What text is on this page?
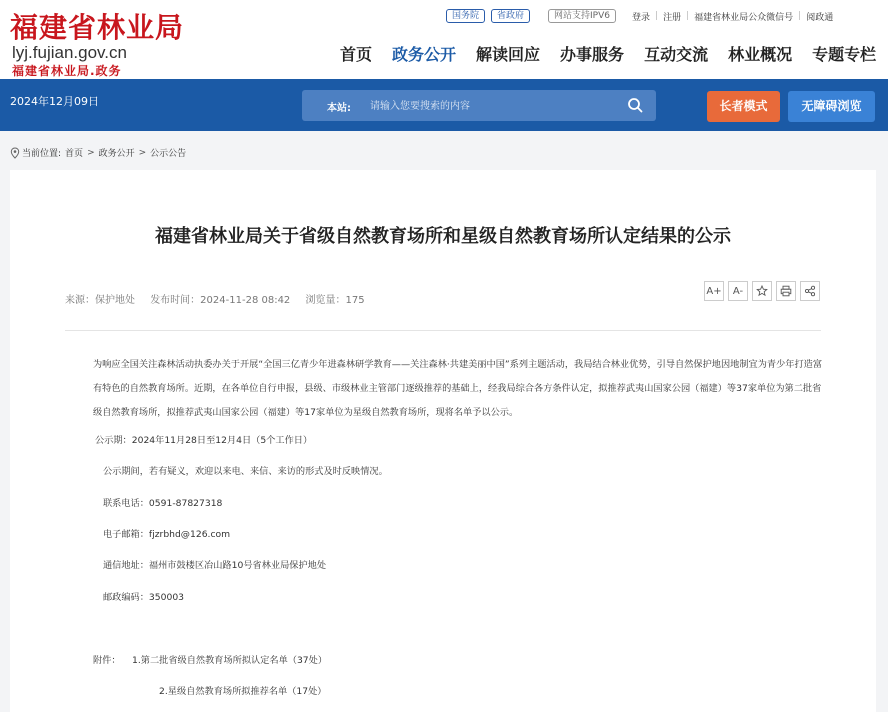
福建省林业局
lyj.fujian.gov.cn
福建省林业局.政务
国务院	省政府	网站支持IPV6	登录 | 注册 | 福建省林业局公众微信号 | 阅政通
首页 政务公开 解读回应 办事服务 互动交流 林业概况 专题专栏
2024年12月09日
本站:
请输入您要搜索的内容	长者模式	无障碍浏览
当前位置: 首页 > 政务公开 > 公示公告
福建省林业局关于省级自然教育场所和星级自然教育场所认定结果的公示
来源：保护地处 发布时间：2024-11-28 08:42 浏览量：175
A+ A-

为响应全国关注森林活动执委办关于开展“全国三亿青少年进森林研学教育——关注森林·共建美丽中国”系列主题活动，我局结合林业优势，引导自然保护地因地制宜为青少年打造富有特色的自然教育场所。近期，在各单位自行申报，县级、市级林业主管部门逐级推荐的基础上，经我局综合各方条件认定，拟推荐武夷山国家公园（福建）等37家单位为第二批省级自然教育场所，拟推荐武夷山国家公园（福建）等17家单位为星级自然教育场所，现将名单予以公示。

公示期：2024年11月28日至12月4日（5个工作日）
公示期间，若有疑义，欢迎以来电、来信、来访的形式及时反映情况。
联系电话：0591-87827318
电子邮箱：fjzrbhd@126.com
通信地址：福州市鼓楼区冶山路10号省林业局保护地处
邮政编码：350003
附件： 1.第二批省级自然教育场所拟认定名单（37处）
2.星级自然教育场所拟推荐名单（17处）
